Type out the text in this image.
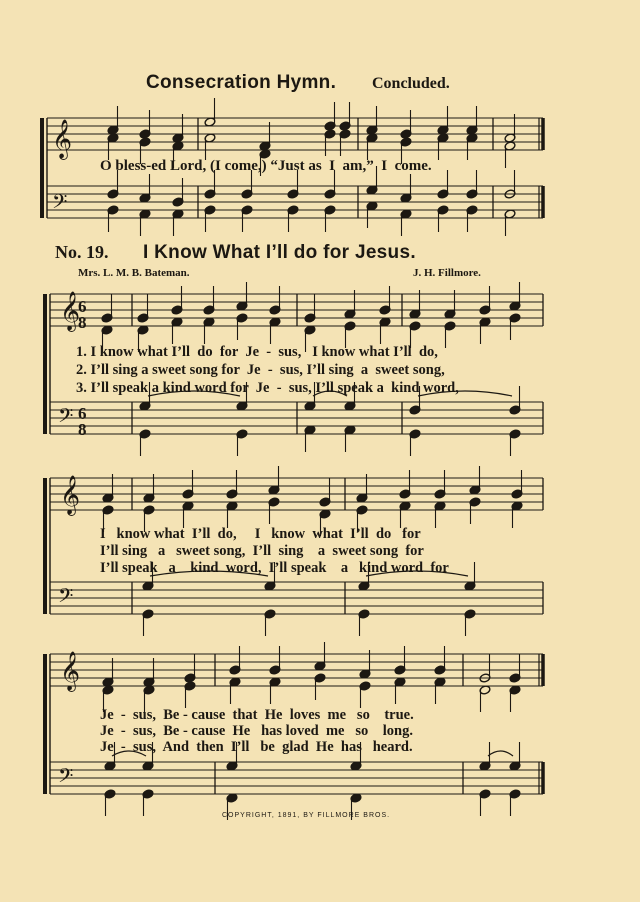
𝄞
𝄢
𝄞
𝄢
𝄞
𝄢
𝄞
𝄢
6
8
6
8
Consecration Hymn. Concluded.
O bless-ed Lord, (I come,) “Just as  I  am,”  I  come.
No. 19. I Know What I’ll do for Jesus.
Mrs. L. M. B. Bateman.	J. H. Fillmore.
1. I know what I’ll  do  for  Je  -  sus,   I know what I’ll  do,
2. I’ll sing a sweet song for  Je  -  sus, I’ll sing  a  sweet song,
3. I’ll speak a kind word for  Je  -  sus, I’ll speak a  kind word,
I   know what  I’ll  do,     I   know  what  I’ll  do   for
I’ll sing   a   sweet song,  I’ll  sing    a  sweet song  for
I’ll speak   a    kind  word,  I’ll speak    a   kind word  for
Je  -  sus,  Be - cause  that  He  loves  me   so    true.
Je  -  sus,  Be - cause  He   has loved  me   so    long.
Je  -  sus,  And  then  I’ll   be  glad  He  has   heard.
COPYRIGHT, 1891, BY FILLMORE BROS.
